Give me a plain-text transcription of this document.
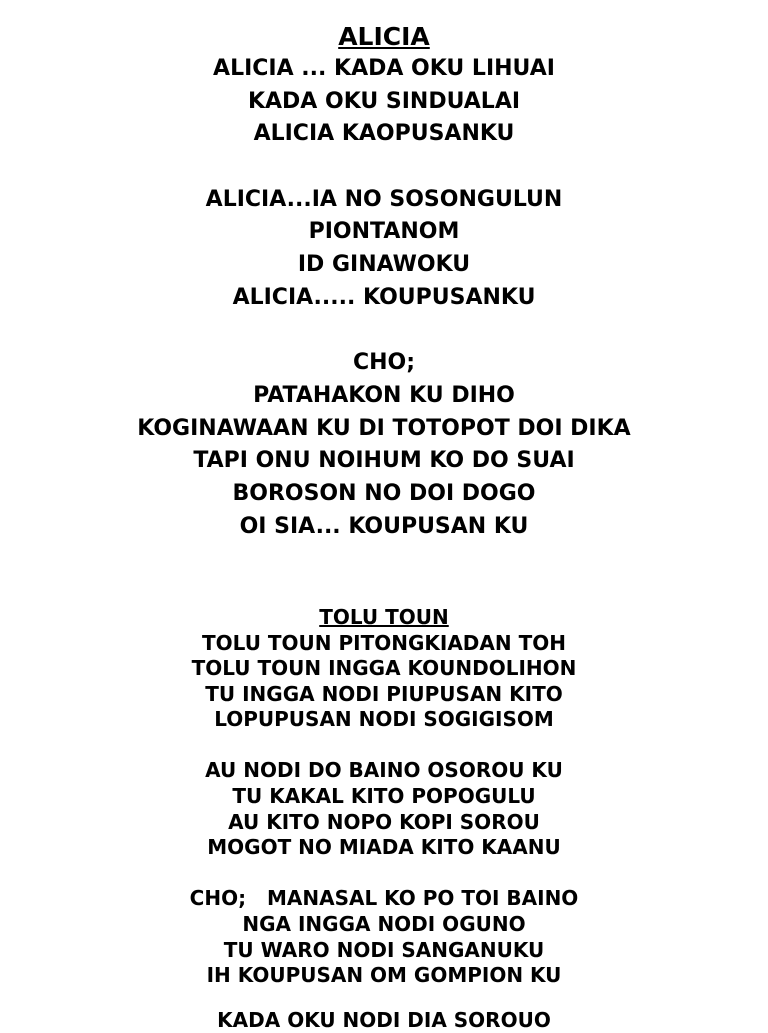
ALICIA
ALICIA ... KADA OKU LIHUAI
KADA OKU SINDUALAI
ALICIA KAOPUSANKU
ALICIA...IA NO SOSONGULUN
PIONTANOM
ID GINAWOKU
ALICIA..... KOUPUSANKU
CHO;
PATAHAKON KU DIHO
KOGINAWAAN KU DI TOTOPOT DOI DIKA
TAPI ONU NOIHUM KO DO SUAI
BOROSON NO DOI DOGO
OI SIA... KOUPUSAN KU
TOLU TOUN
TOLU TOUN PITONGKIADAN TOH
TOLU TOUN INGGA KOUNDOLIHON
TU INGGA NODI PIUPUSAN KITO
LOPUPUSAN NODI SOGIGISOM
AU NODI DO BAINO OSOROU KU
TU KAKAL KITO POPOGULU
AU KITO NOPO KOPI SOROU
MOGOT NO MIADA KITO KAANU
CHO;   MANASAL KO PO TOI BAINO
NGA INGGA NODI OGUNO
TU WARO NODI SANGANUKU
IH KOUPUSAN OM GOMPION KU
KADA OKU NODI DIA SOROUO
